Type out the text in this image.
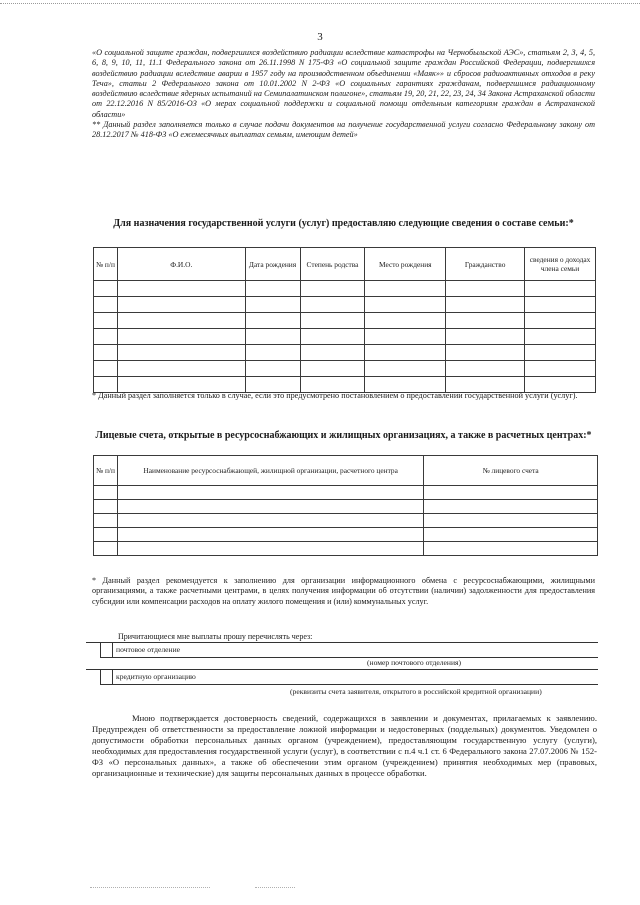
3

«О социальной защите граждан, подвергшихся воздействию радиации вследствие катастрофы на Чернобыльской АЭС», статьям 2, 3, 4, 5, 6, 8, 9, 10, 11, 11.1 Федерального закона от 26.11.1998 N 175-ФЗ «О социальной защите граждан Российской Федерации, подвергшихся воздействию радиации вследствие аварии в 1957 году на производственном объединении «Маяк»» и сбросов радиоактивных отходов в реку Теча», статьи 2 Федерального закона от 10.01.2002 N 2-ФЗ «О социальных гарантиях гражданам, подвергшимся радиационному воздействию вследствие ядерных испытаний на Семипалатинском полигоне», статьям 19, 20, 21, 22, 23, 24, 34 Закона Астраханской области от 22.12.2016 N 85/2016-ОЗ «О мерах социальной поддержки и социальной помощи отдельным категориям граждан в Астраханской области»

** Данный раздел заполняется только в случае подачи документов на получение государственной услуги согласно Федеральному закону от 28.12.2017 № 418-ФЗ «О ежемесячных выплатах семьям, имеющим детей»

Для назначения государственной услуги (услуг) предоставляю следующие сведения о составе семьи:*
№ п/п	Ф.И.О.	Дата рождения	Степень родства	Место рождения	Гражданство	сведения о доходах члена семьи

* Данный раздел заполняется только в случае, если это предусмотрено постановлением о предоставлении государственной услуги (услуг).
Лицевые счета, открытые в ресурсоснабжающих и жилищных организациях, а также в расчетных центрах:*
№ п/п	Наименование ресурсоснабжающей, жилищной организации, расчетного центра	№ лицевого счета

* Данный раздел рекомендуется к заполнению для организации информационного обмена с ресурсоснабжающими, жилищными организациями, а также расчетными центрами, в целях получения информации об отсутствии (наличии) задолженности для предоставления субсидии или компенсации расходов на оплату жилого помещения и (или) коммунальных услуг.
Причитающиеся мне выплаты прошу перечислять через:
почтовое отделение
(номер почтового отделения)
кредитную организацию
(реквизиты счета заявителя, открытого в российской кредитной организации)
Мною подтверждается достоверность сведений, содержащихся в заявлении и документах, прилагаемых к заявлению. Предупрежден об ответственности за предоставление ложной информации и недостоверных (поддельных) документов. Уведомлен о допустимости обработки персональных данных органом (учреждением), предоставляющим государственную услугу (услуги), необходимых для предоставления государственной услуги (услуг), в соответствии с п.4 ч.1 ст. 6 Федерального закона 27.07.2006 № 152-ФЗ «О персональных данных», а также об обеспечении этим органом (учреждением) принятия необходимых мер (правовых, организационные и технические) для защиты персональных данных в процессе обработки.
